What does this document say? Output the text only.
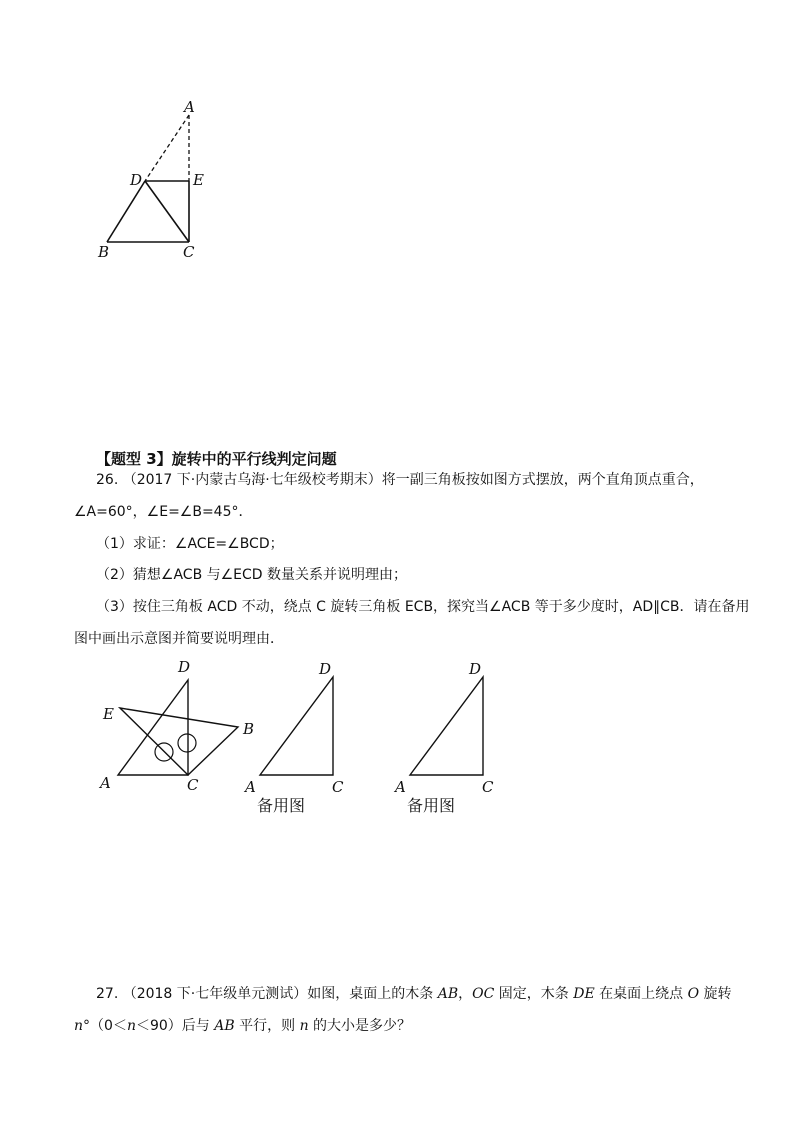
A
D	E
B	C
【题型 3】旋转中的平行线判定问题
26. （2017 下·内蒙古乌海·七年级校考期末）将一副三角板按如图方式摆放，两个直角顶点重合，
∠A=60°，∠E=∠B=45°．
（1）求证：∠ACE=∠BCD；
（2）猜想∠ACB 与∠ECD 数量关系并说明理由；
（3）按住三角板 ACD 不动，绕点 C 旋转三角板 ECB，探究当∠ACB 等于多少度时，AD∥CB．请在备用
图中画出示意图并简要说明理由．
D
E
B
A	C
D
A	C
备用图
D
A	C
备用图
27. （2018 下·七年级单元测试）如图，桌面上的木条 AB，OC 固定，木条 DE 在桌面上绕点 O 旋转
n°（0＜n＜90）后与 AB 平行，则 n 的大小是多少？
